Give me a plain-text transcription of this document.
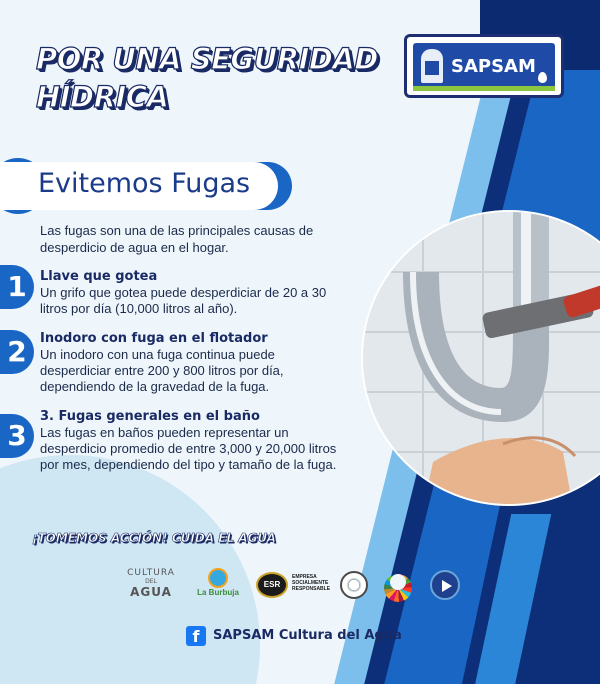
POR UNA SEGURIDAD
HÍDRICA
SAPSAM
Evitemos Fugas
Las fugas son una de las principales causas de desperdicio de agua en el hogar.
1	Llave que gotea
Un grifo que gotea puede desperdiciar de 20 a 30 litros por día (10,000 litros al año).
2	Inodoro con fuga en el flotador
Un inodoro con una fuga continua puede desperdiciar entre 200 y 800 litros por día, dependiendo de la gravedad de la fuga.
3
3. Fugas generales en el baño
Las fugas en baños pueden representar un desperdicio promedio de entre 3,000 y 20,000 litros por mes, dependiendo del tipo y tamaño de la fuga.
¡TOMEMOS ACCIÓN! CUIDA EL AGUA
CULTURA
DEL
AGUA	La Burbuja
ESR
EMPRESA SOCIALMENTE RESPONSABLE
f	SAPSAM Cultura del Agua
